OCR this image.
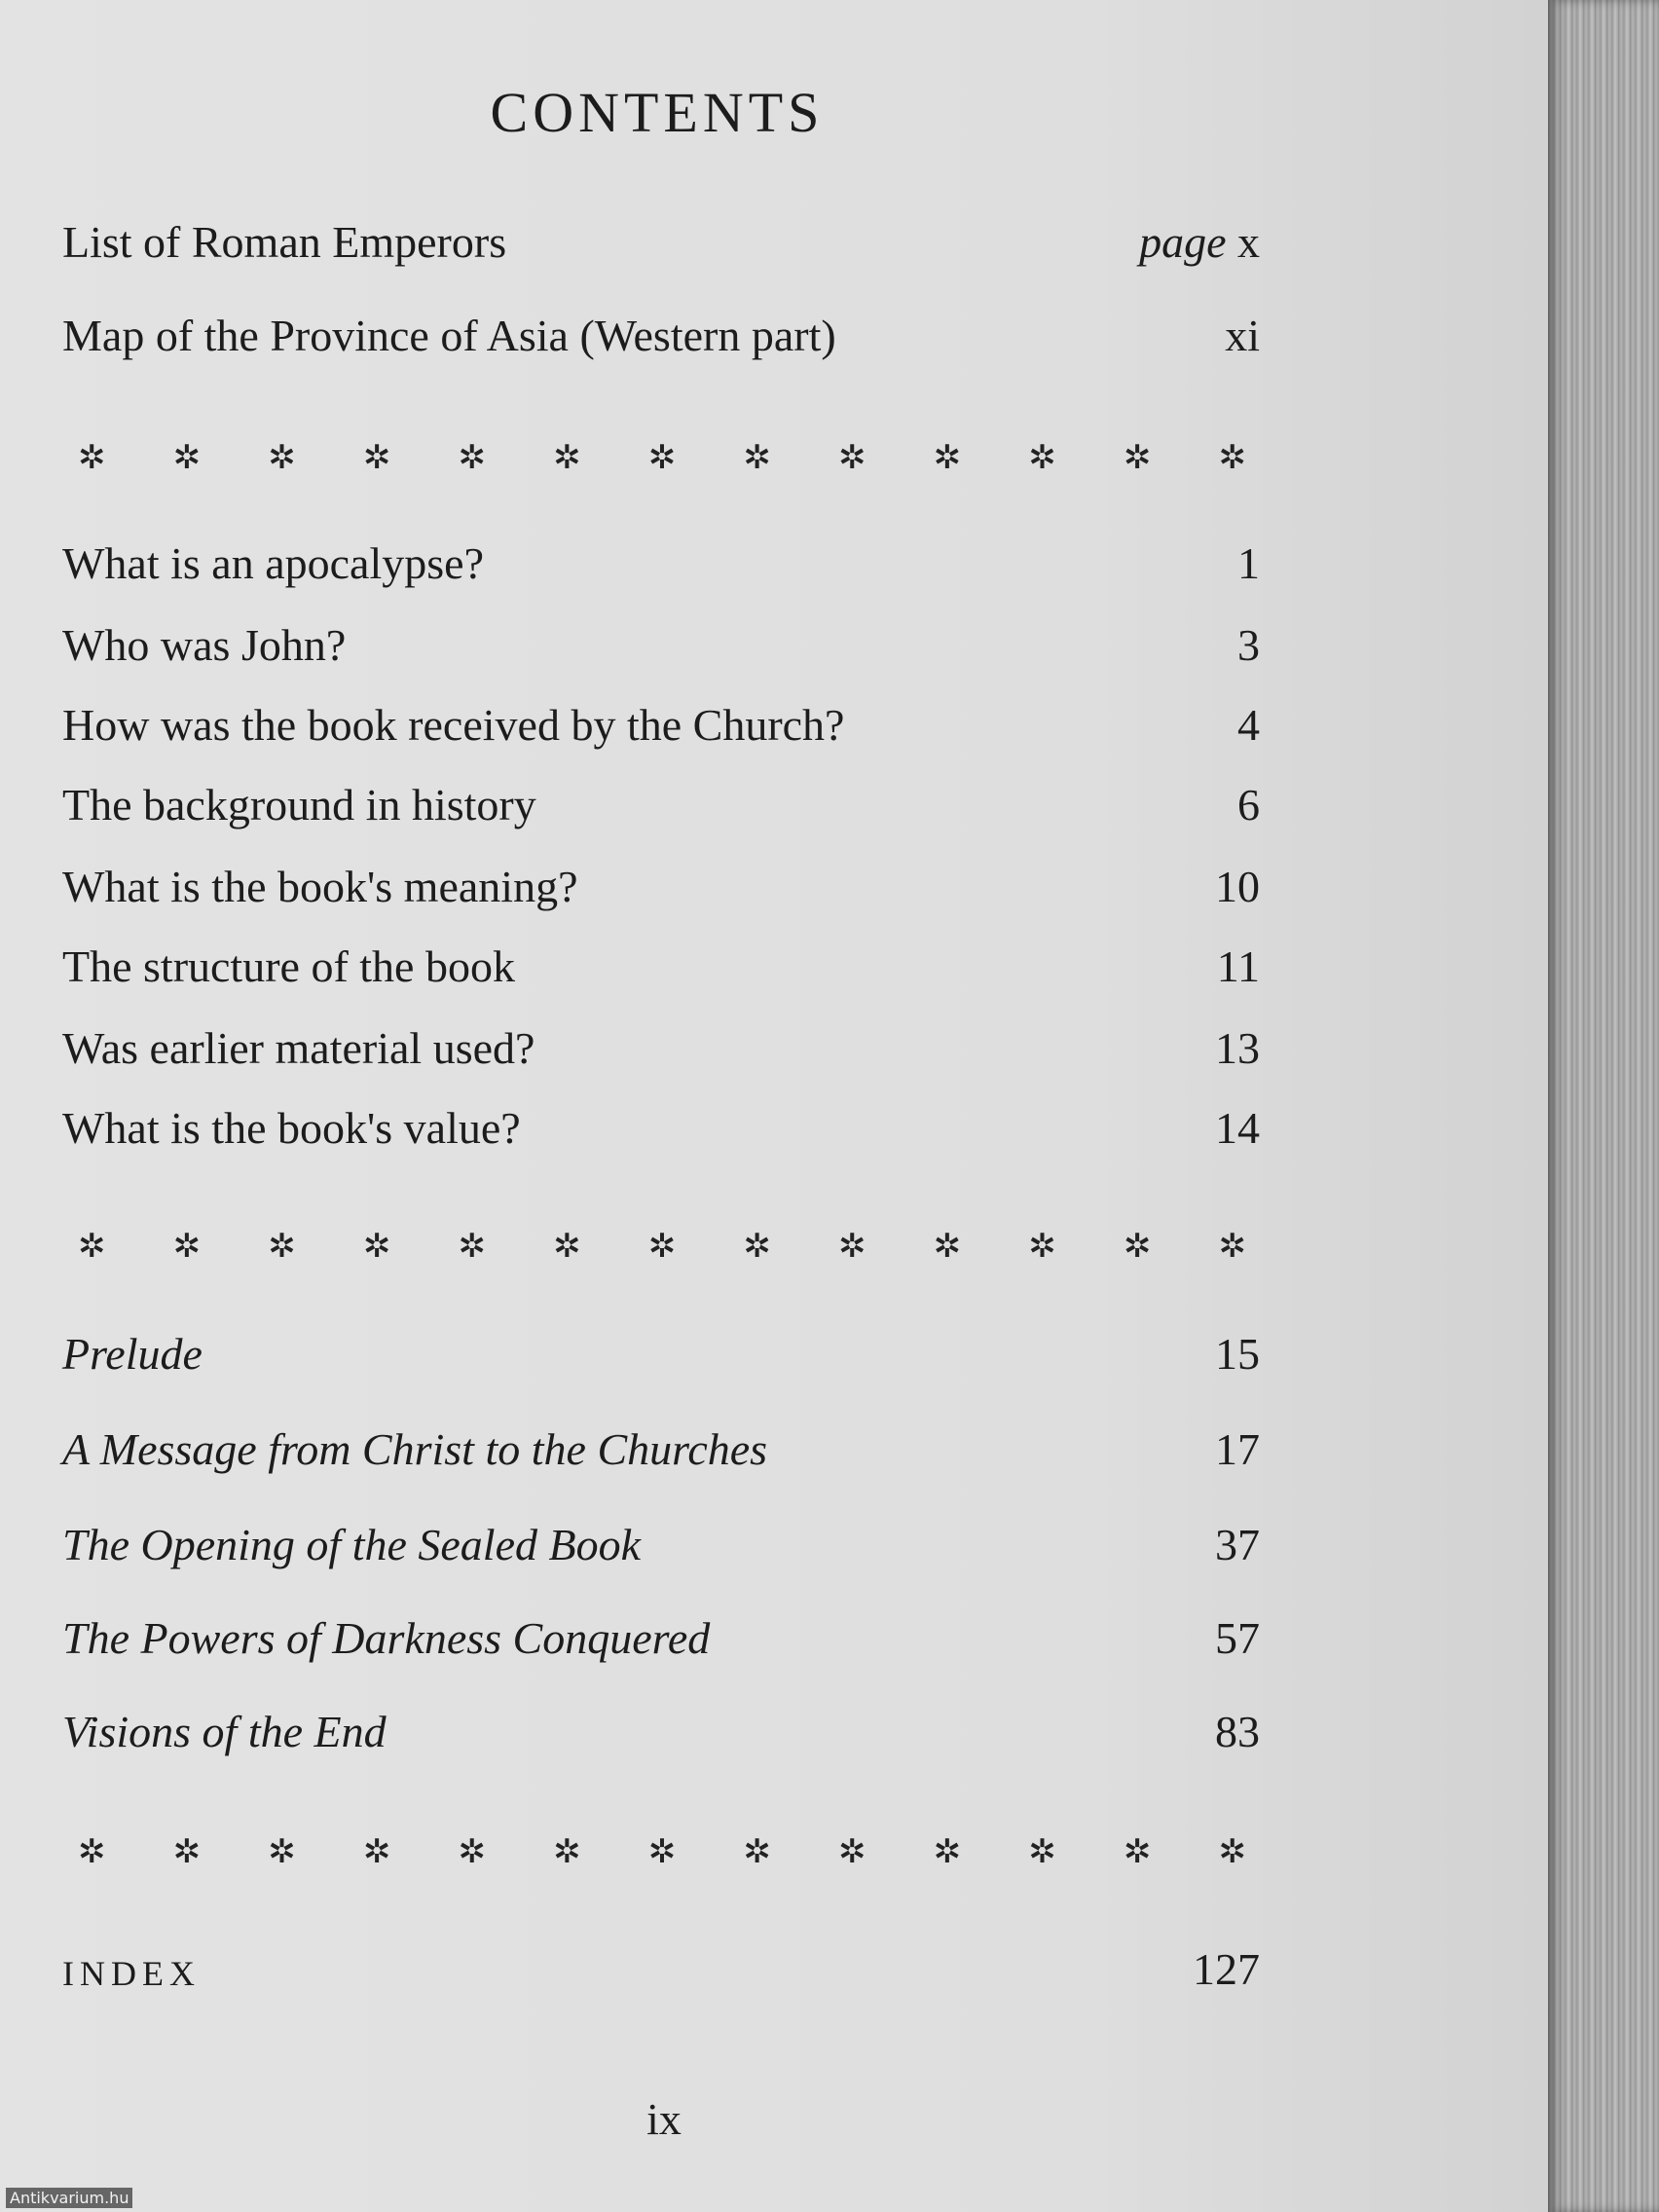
CONTENTS
List of Roman Emperors	page x
Map of the Province of Asia (Western part)	xi
✲ ✲ ✲ ✲ ✲ ✲ ✲ ✲ ✲ ✲ ✲ ✲ ✲
What is an apocalypse?	1
Who was John?	3
How was the book received by the Church?	4
The background in history	6
What is the book's meaning?	10
The structure of the book	11
Was earlier material used?	13
What is the book's value?	14
✲ ✲ ✲ ✲ ✲ ✲ ✲ ✲ ✲ ✲ ✲ ✲ ✲
Prelude	15
A Message from Christ to the Churches	17
The Opening of the Sealed Book	37
The Powers of Darkness Conquered	57
Visions of the End	83
✲ ✲ ✲ ✲ ✲ ✲ ✲ ✲ ✲ ✲ ✲ ✲ ✲
INDEX	127
ix
Antikvarium.hu
